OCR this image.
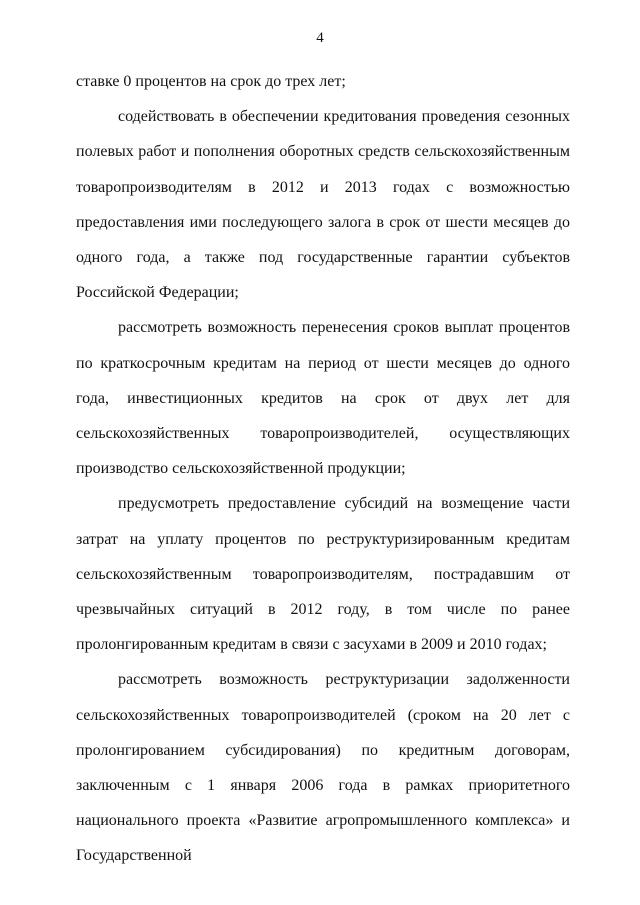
4

ставке 0 процентов на срок до трех лет;

содействовать в обеспечении кредитования проведения сезонных полевых работ и пополнения оборотных средств сельскохозяйственным товаропроизводителям в 2012 и 2013 годах с возможностью предоставления ими последующего залога в срок от шести месяцев до одного года, а также под государственные гарантии субъектов Российской Федерации;

рассмотреть возможность перенесения сроков выплат процентов по краткосрочным кредитам на период от шести месяцев до одного года, инвестиционных кредитов на срок от двух лет для сельскохозяйственных товаропроизводителей, осуществляющих производство сельскохозяйственной продукции;

предусмотреть предоставление субсидий на возмещение части затрат на уплату процентов по реструктуризированным кредитам сельскохозяйственным товаропроизводителям, пострадавшим от чрезвычайных ситуаций в 2012 году, в том числе по ранее пролонгированным кредитам в связи с засухами в 2009 и 2010 годах;

рассмотреть возможность реструктуризации задолженности сельскохозяйственных товаропроизводителей (сроком на 20 лет с пролонгированием субсидирования) по кредитным договорам, заключенным с 1 января 2006 года в рамках приоритетного национального проекта «Развитие агропромышленного комплекса» и Государственной
